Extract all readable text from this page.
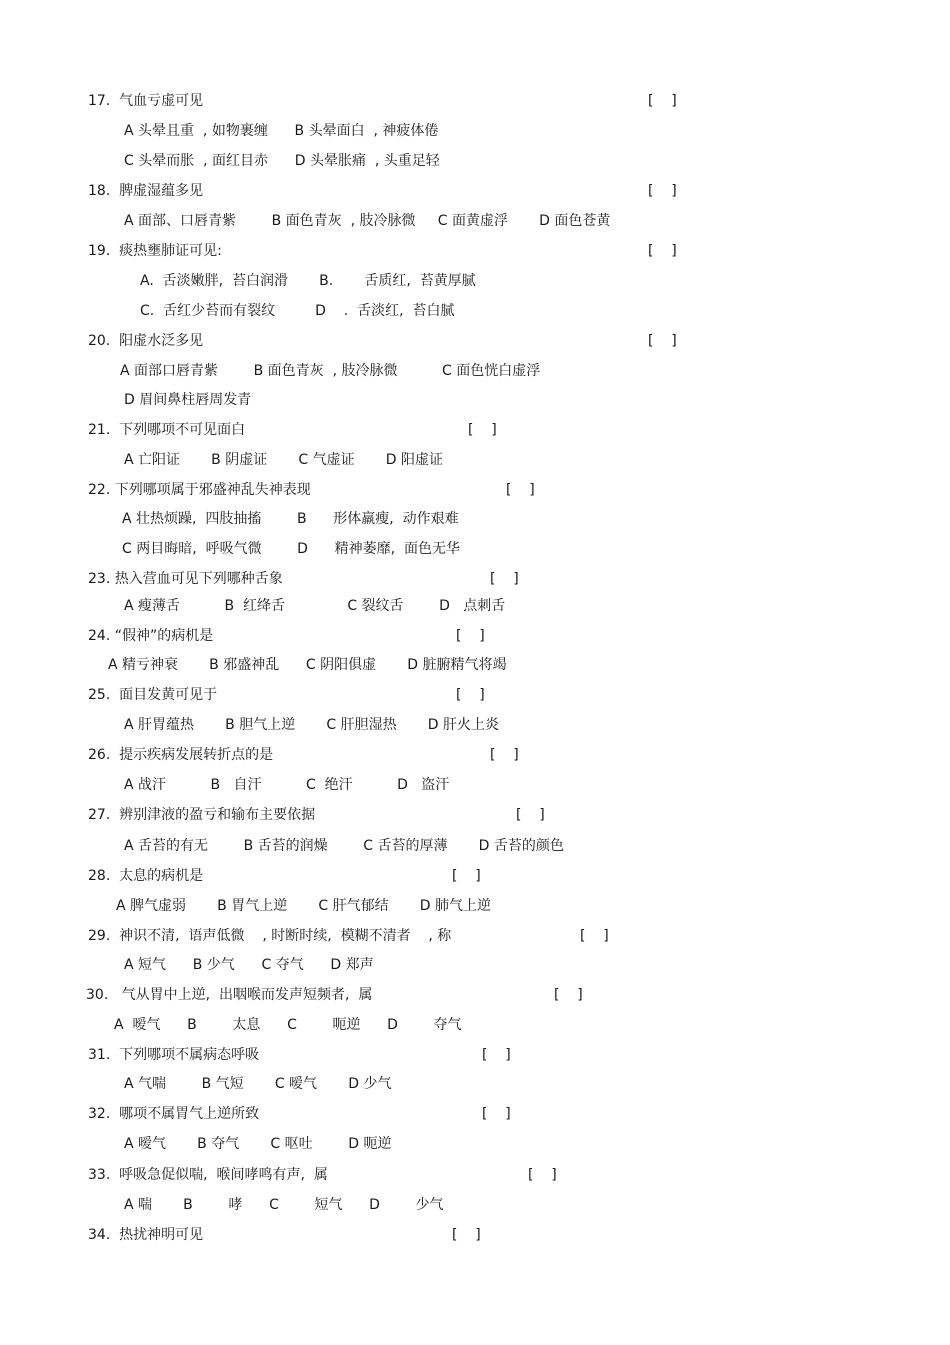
17.  气血亏虚可见	[    ]
A 头晕且重  , 如物裹缠      B 头晕面白  , 神疲体倦
C 头晕而胀  , 面红目赤      D 头晕胀痛  , 头重足轻
18.  脾虚湿蕴多见	[    ]
A 面部、口唇青紫        B 面色青灰  , 肢冷脉微     C 面黄虚浮       D 面色苍黄
19.  痰热壅肺证可见:	[    ]
A.  舌淡嫩胖,  苔白润滑       B.       舌质红,  苔黄厚腻
C.  舌红少苔而有裂纹         D    .  舌淡红,  苔白腻
20.  阳虚水泛多见	[    ]
A 面部口唇青紫        B 面色青灰  , 肢冷脉微          C 面色恍白虚浮
D 眉间鼻柱唇周发青
21.  下列哪项不可见面白	[    ]
A 亡阳证       B 阴虚证       C 气虚证       D 阳虚证
22. 下列哪项属于邪盛神乱失神表现	[    ]
A 壮热烦躁,  四肢抽搐        B      形体羸瘦,  动作艰难
C 两目晦暗,  呼吸气微        D      精神萎靡,  面色无华
23. 热入营血可见下列哪种舌象	[    ]
A 瘦薄舌          B  红绛舌              C 裂纹舌        D   点刺舌
24. “假神”的病机是	[    ]
A 精亏神衰       B 邪盛神乱      C 阴阳俱虚       D 脏腑精气将竭
25.  面目发黄可见于	[    ]
A 肝胃蕴热       B 胆气上逆       C 肝胆湿热       D 肝火上炎
26.  提示疾病发展转折点的是	[    ]
A 战汗          B   自汗          C  绝汗          D   盗汗
27.  辨别津液的盈亏和输布主要依据	[    ]
A 舌苔的有无        B 舌苔的润燥        C 舌苔的厚薄       D 舌苔的颜色
28.  太息的病机是	[    ]
A 脾气虚弱       B 胃气上逆       C 肝气郁结       D 肺气上逆
29.  神识不清,  语声低微    , 时断时续,  模糊不清者    , 称	[    ]
A 短气      B 少气      C 夺气      D 郑声
30.   气从胃中上逆,  出咽喉而发声短频者,  属	[    ]
A  嗳气      B        太息      C        呃逆      D        夺气
31.  下列哪项不属病态呼吸	[    ]
A 气喘        B 气短       C 嗳气       D 少气
32.  哪项不属胃气上逆所致	[    ]
A 嗳气       B 夺气       C 呕吐        D 呃逆
33.  呼吸急促似喘,  喉间哮鸣有声,  属	[    ]
A 喘       B        哮      C        短气      D        少气
34.  热扰神明可见	[    ]
